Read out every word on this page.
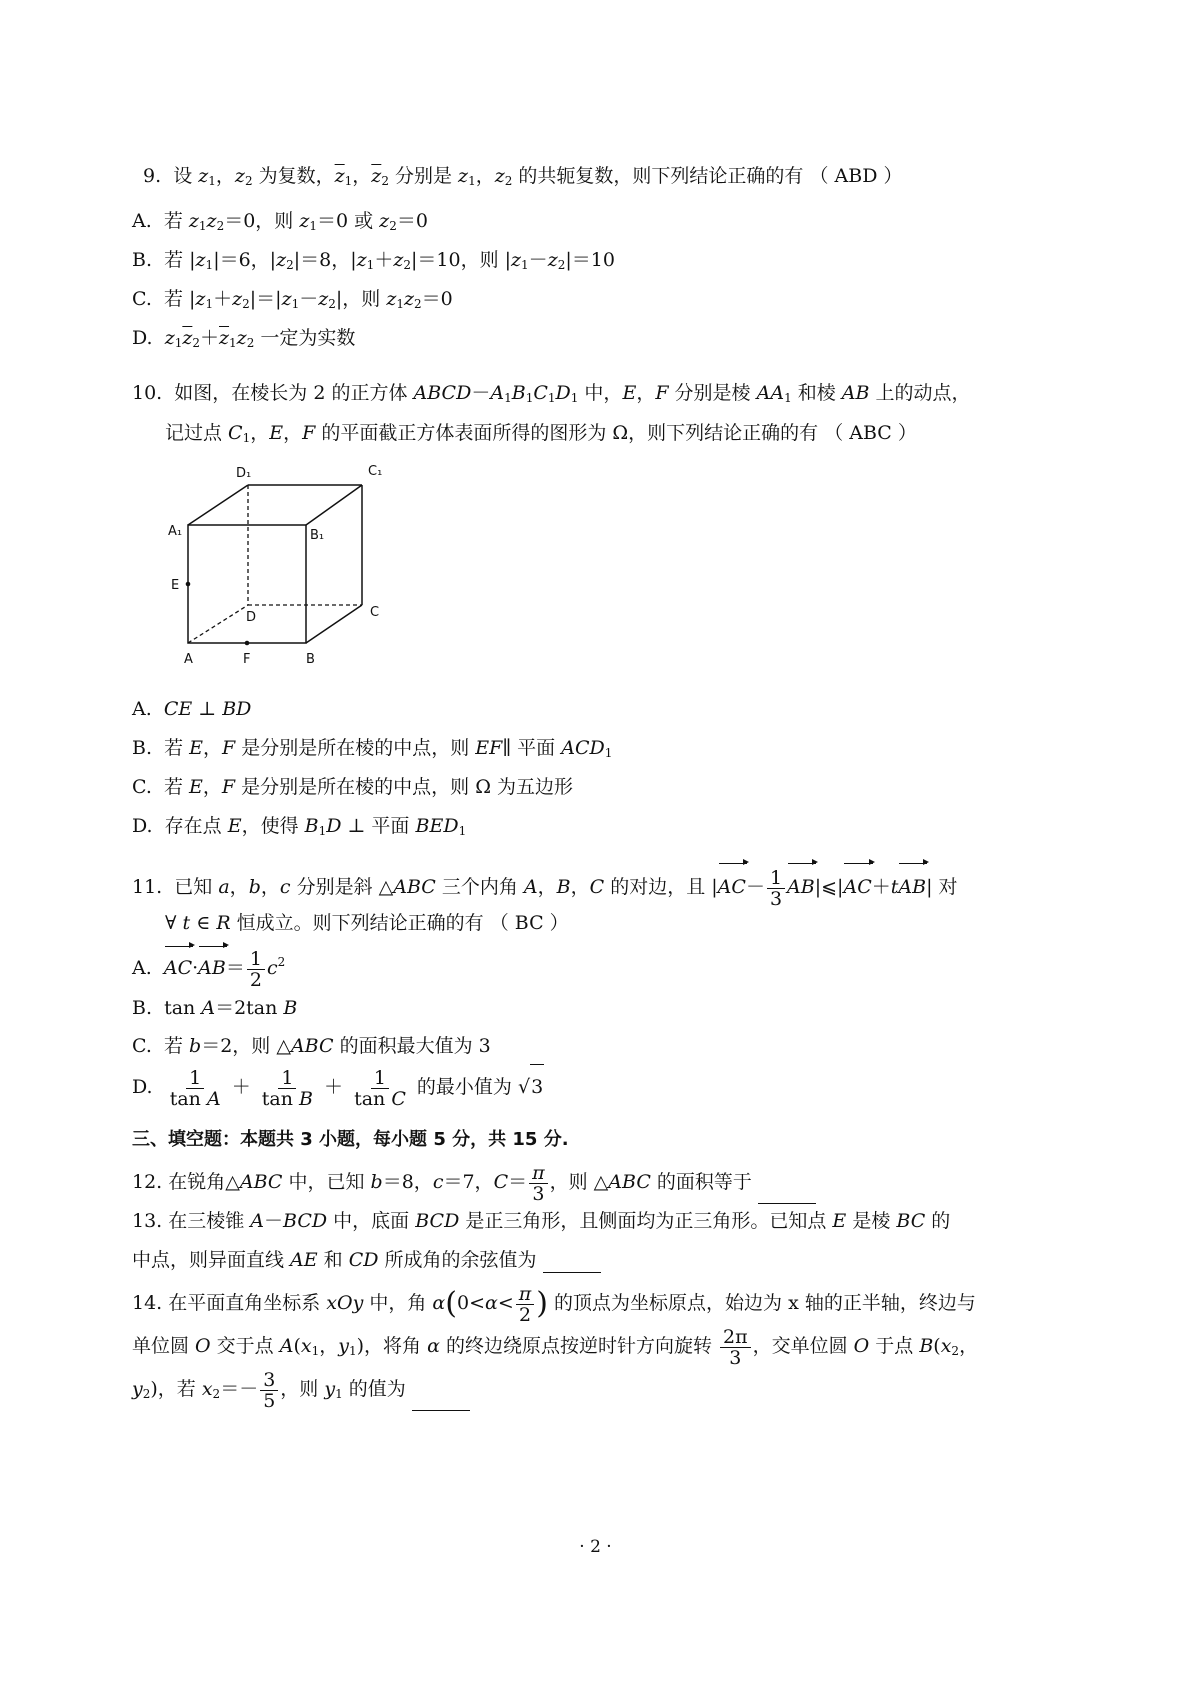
9.  设 $z_1$，$z_2$ 为复数，$\overline{z}_1$，$\overline{z}_2$ 分别是 $z_1$，$z_2$ 的共轭复数，则下列结论正确的有 （ ABD ）
A.  若 $z_1z_2=0$，则 $z_1=0$ 或 $z_2=0$
B.  若 $|z_1|=6$，$|z_2|=8$，$|z_1+z_2|=10$，则 $|z_1-z_2|=10$
C.  若 $|z_1+z_2|=|z_1-z_2|$，则 $z_1z_2=0$
D.  $z_1\overline{z}_2+\overline{z}_1z_2$ 一定为实数
10.  如图，在棱长为 2 的正方体 $ABCD-A_1B_1C_1D_1$ 中，E，F 分别是棱 $AA_1$ 和棱 AB 上的动点，
记过点 $C_1$，E，F 的平面截正方体表面所得的图形为 Ω，则下列结论正确的有 （ ABC ）
D₁	C₁
A₁	B₁
E
D	C
A	F	B
A.  CE ⊥ BD
B.  若 E，F 是分别是所在棱的中点，则 EF∥ 平面 $ACD_1$
C.  若 E，F 是分别是所在棱的中点，则 Ω 为五边形
D.  存在点 E，使得 $B_1D$ ⊥ 平面 $BED_1$
11.  已知 a，b，c 分别是斜 △ABC 三个内角 A，B，C 的对边，且 $|AC- \frac{1}{3}$ AB|⩽|AC＋tAB| 对
∀ t ∈ R 恒成立。则下列结论正确的有 （ BC ）
A.  $AC\cdot AB= \frac{1}{2} c^2$
B.  tan A＝2tan B
C.  若 b＝2，则 △ABC 的面积最大值为 3
D. $\frac{1}{\text{tan A}} + \frac{1}{\text{tan B}} + \frac{1}{\text{tan C}}$ 的最小值为 √3
三、填空题：本题共 3 小题，每小题 5 分，共 15 分.
12. 在锐角△ABC 中，已知 b＝8，c＝7，$C= \frac{\pi}{3}$ ，则 △ABC 的面积等于
13. 在三棱锥 A－BCD 中，底面 BCD 是正三角形，且侧面均为正三角形。已知点 E 是棱 BC 的
中点，则异面直线 AE 和 CD 所成角的余弦值为
14. 在平面直角坐标系 xOy 中，角 $\alpha(0<\alpha< \frac{\pi}{2}$ ) 的顶点为坐标原点，始边为 x 轴的正半轴，终边与
单位圆 O 交于点 $A(x_1$，$y_1$)，将角 α 的终边绕原点按逆时针方向旋转 $\frac{2\pi}{3}$ ，交单位圆 O 于点 $B(x_2$，
$y_2$)，若 $x_2=- \frac{3}{5}$ ，则 $y_1$ 的值为
· 2 ·
